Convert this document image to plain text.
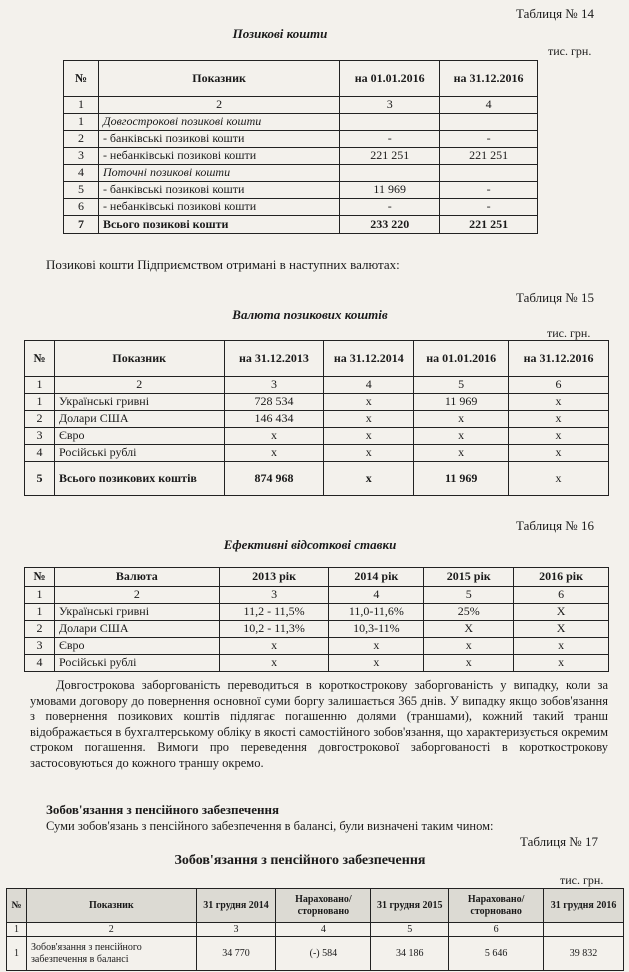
Таблиця № 14
Позикові кошти
тис. грн.
№	Показник	на 01.01.2016	на 31.12.2016
1	2	3	4
1	Довгострокові позикові кошти		
2	- банківські позикові кошти	-	-
3	- небанківські позикові кошти	221 251	221 251
4	Поточні позикові кошти		
5	- банківські позикові кошти	11 969	-
6	- небанківські позикові кошти	-	-
7	Всього позикові кошти	233 220	221 251
Позикові кошти Підприємством отримані в наступних валютах:
Таблиця № 15
Валюта позикових коштів
тис. грн.
№	Показник	на 31.12.2013	на 31.12.2014	на 01.01.2016	на 31.12.2016
1	2	3	4	5	6
1	Українські гривні	728 534	х	11 969	х
2	Долари США	146 434	х	х	х
3	Євро	х	х	х	х
4	Російські рублі	х	х	х	х
5	Всього позикових коштів	874 968	х	11 969	х
Таблиця № 16
Ефективні відсоткові ставки
№	Валюта	2013 рік	2014 рік	2015 рік	2016 рік
1	2	3	4	5	6
1	Українські гривні	11,2 - 11,5%	11,0-11,6%	25%	Х
2	Долари США	10,2 - 11,3%	10,3-11%	Х	Х
3	Євро	х	х	х	х
4	Російські рублі	х	х	х	х
Довгострокова заборгованість переводиться в короткострокову заборгованість у випадку, коли за умовами договору до повернення основної суми боргу залишається 365 днів. У випадку якщо зобов'язання з повернення позикових коштів підлягає погашенню долями (траншами), кожний такий транш відображається в бухгалтерському обліку в якості самостійного зобов'язання, що характеризується окремим строком погашення. Вимоги про переведення довгострокової заборгованості в короткострокову застосовуються до кожного траншу окремо.
Зобов'язання з пенсійного забезпечення
Суми зобов'язань з пенсійного забезпечення в балансі, були визначені таким чином:
Таблиця № 17
Зобов'язання з пенсійного забезпечення
тис. грн.
№	Показник	31 грудня 2014	Нараховано/сторновано	31 грудня 2015	Нараховано/сторновано	31 грудня 2016
1	2	3	4	5	6	
1	Зобов'язання з пенсійного забезпечення в балансі	34 770	(-) 584	34 186	5 646	39 832
